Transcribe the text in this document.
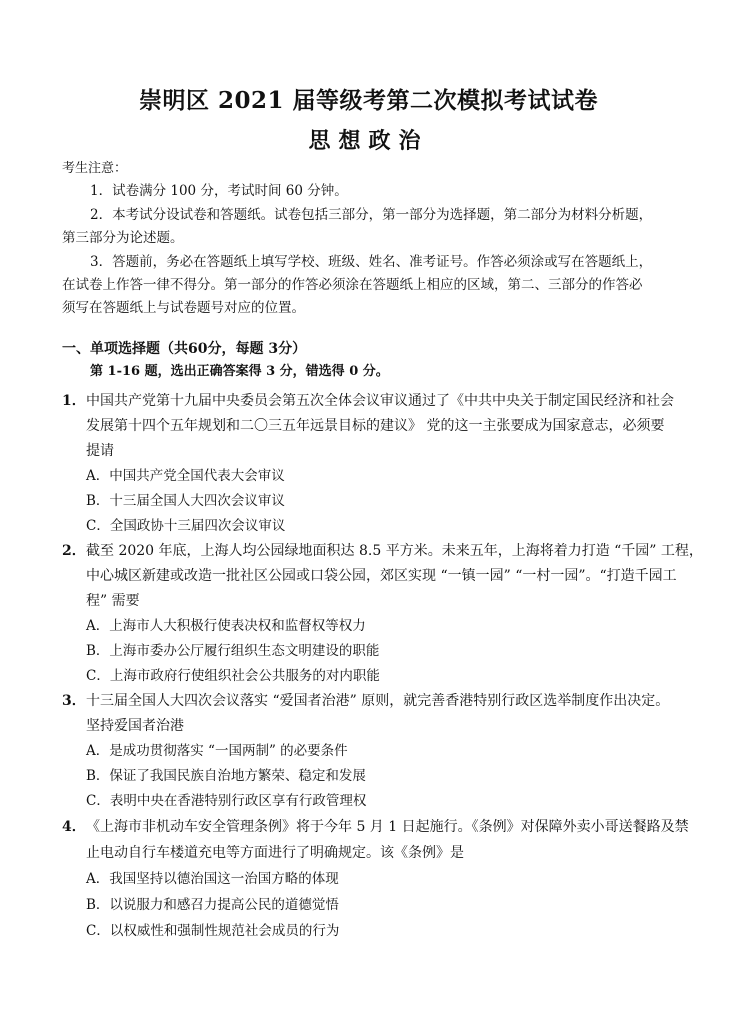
崇明区 2021 届等级考第二次模拟考试试卷
思想政治
考生注意：
1．试卷满分 100 分，考试时间 60 分钟。
2．本考试分设试卷和答题纸。试卷包括三部分，第一部分为选择题，第二部分为材料分析题，
第三部分为论述题。
3．答题前，务必在答题纸上填写学校、班级、姓名、准考证号。作答必须涂或写在答题纸上，
在试卷上作答一律不得分。第一部分的作答必须涂在答题纸上相应的区域，第二、三部分的作答必
须写在答题纸上与试卷题号对应的位置。
一、单项选择题（共60分，每题 3分）
第 1-16 题，选出正确答案得 3 分，错选得 0 分。
1． 中国共产党第十九届中央委员会第五次全体会议审议通过了《中共中央关于制定国民经济和社会
发展第十四个五年规划和二〇三五年远景目标的建议》 党的这一主张要成为国家意志，必须要
提请
A．中国共产党全国代表大会审议
B．十三届全国人大四次会议审议
C．全国政协十三届四次会议审议
2． 截至 2020 年底，上海人均公园绿地面积达 8.5 平方米。未来五年，上海将着力打造 “千园” 工程，
中心城区新建或改造一批社区公园或口袋公园，郊区实现 “一镇一园” “一村一园”。“打造千园工
程” 需要
A．上海市人大积极行使表决权和监督权等权力
B．上海市委办公厅履行组织生态文明建设的职能
C．上海市政府行使组织社会公共服务的对内职能
3． 十三届全国人大四次会议落实 “爱国者治港” 原则，就完善香港特别行政区选举制度作出决定。
坚持爱国者治港
A．是成功贯彻落实 “一国两制” 的必要条件
B．保证了我国民族自治地方繁荣、稳定和发展
C．表明中央在香港特别行政区享有行政管理权
4． 《上海市非机动车安全管理条例》将于今年 5 月 1 日起施行。《条例》对保障外卖小哥送餐路及禁
止电动自行车楼道充电等方面进行了明确规定。该《条例》是
A．我国坚持以德治国这一治国方略的体现
B．以说服力和感召力提高公民的道德觉悟
C．以权威性和强制性规范社会成员的行为
